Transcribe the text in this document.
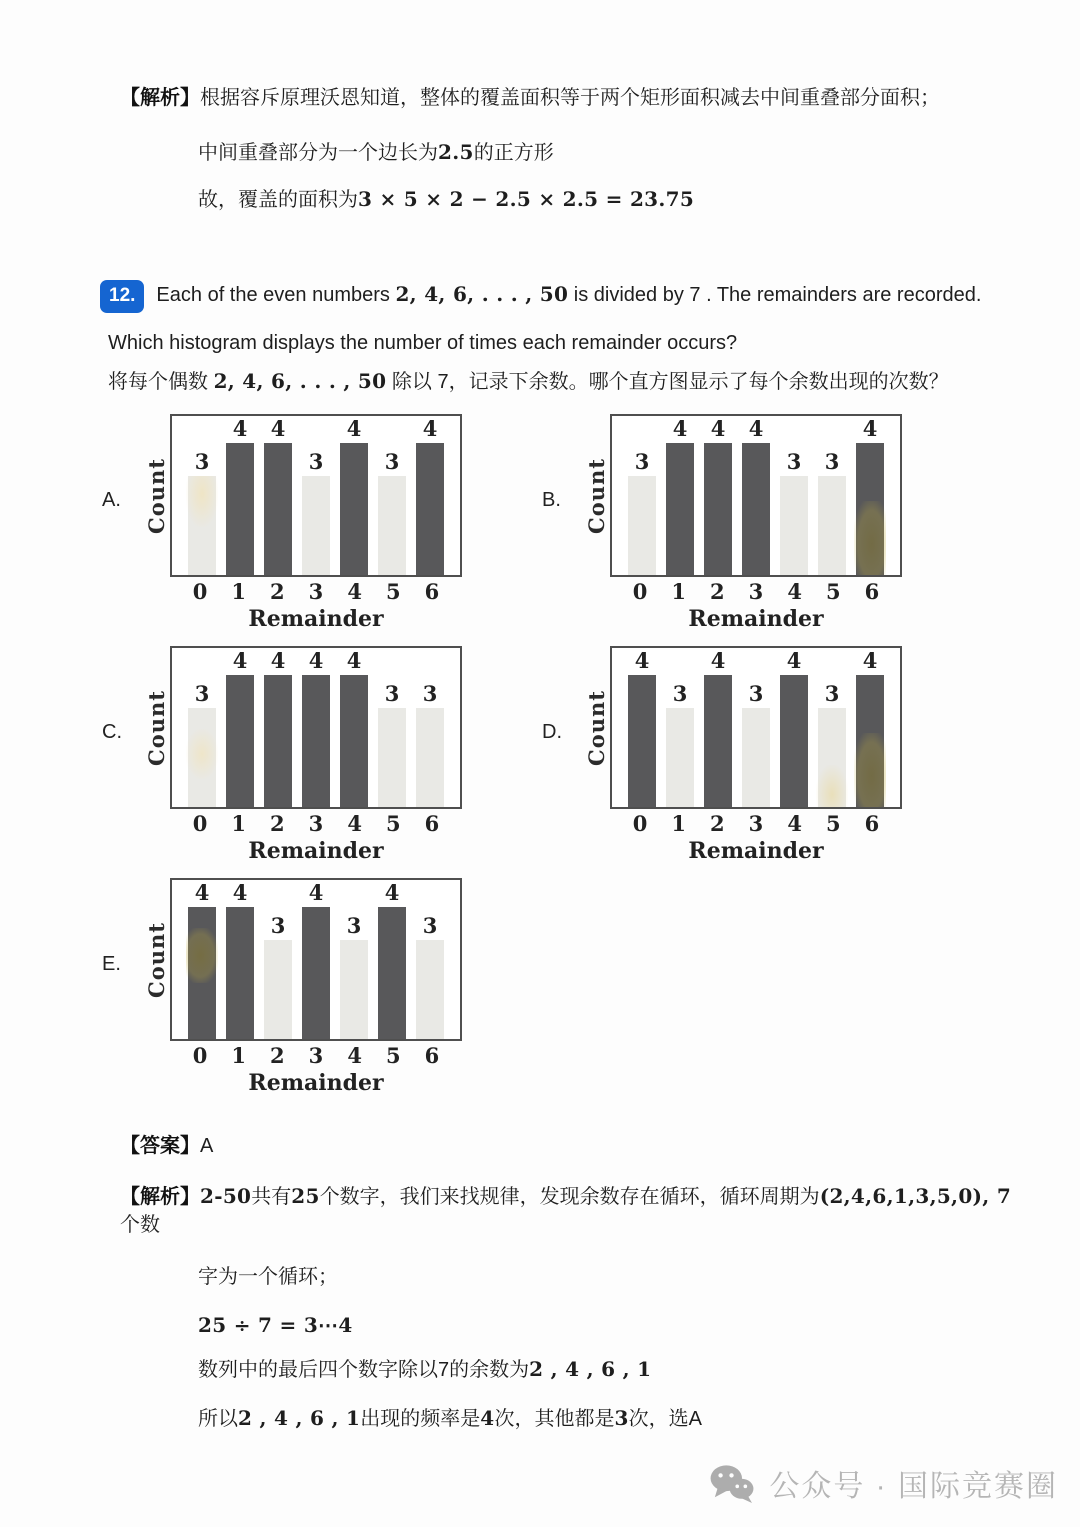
【解析】根据容斥原理沃恩知道，整体的覆盖面积等于两个矩形面积减去中间重叠部分面积；
中间重叠部分为一个边长为2.5的正方形
故，覆盖的面积为3 × 5 × 2 − 2.5 × 2.5 = 23.75
12. Each of the even numbers 2, 4, 6, . . . , 50 is divided by 7 . The remainders are recorded.
Which histogram displays the number of times each remainder occurs?
将每个偶数 2, 4, 6, . . . , 50 除以 7，记录下余数。哪个直方图显示了每个余数出现的次数？
A.	Count 3
4 4
3
4
3
4
0	1	2	3	4	5	6
Remainder
B.	Count 3
4 4 4
3 3
4
0	1	2	3	4	5	6
Remainder
C.	Count 3
4 4 4 4
3 3
0	1	2	3	4	5	6
Remainder
D.	Count
4
3
4
3
4
3
4
0	1	2	3	4	5	6
Remainder
E.	Count
4 4
3
4
3
4
3
0	1	2	3	4	5	6
Remainder
【答案】A
【解析】2-50共有25个数字，我们来找规律，发现余数存在循环，循环周期为(2,4,6,1,3,5,0), 7个数
字为一个循环；
25 ÷ 7 = 3⋯4
数列中的最后四个数字除以7的余数为2 , 4 , 6 , 1
所以2 , 4 , 6 , 1出现的频率是4次，其他都是3次，选A
公众号 · 国际竞赛圈
